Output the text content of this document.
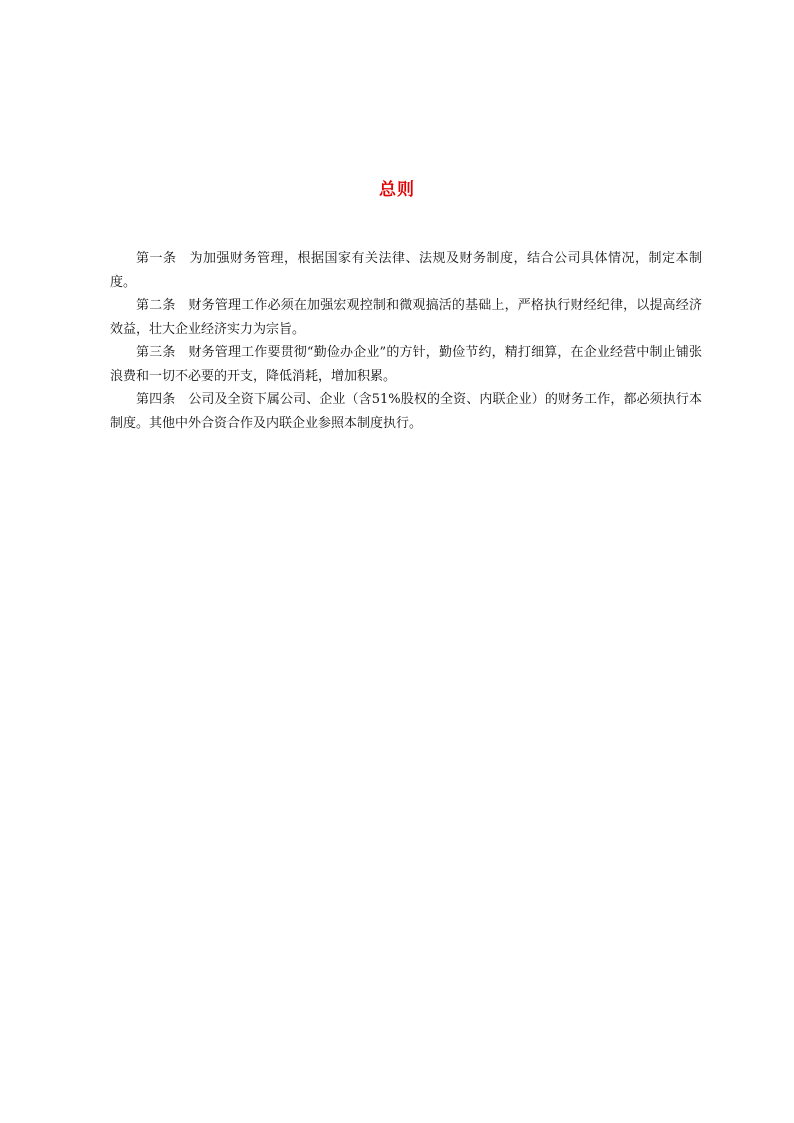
总则

第一条 为加强财务管理，根据国家有关法律、法规及财务制度，结合公司具体情况，制定本制度。

第二条 财务管理工作必须在加强宏观控制和微观搞活的基础上，严格执行财经纪律，以提高经济效益，壮大企业经济实力为宗旨。

第三条 财务管理工作要贯彻“勤俭办企业”的方针，勤俭节约，精打细算，在企业经营中制止铺张浪费和一切不必要的开支，降低消耗，增加积累。

第四条 公司及全资下属公司、企业（含51%股权的全资、内联企业）的财务工作，都必须执行本制度。其他中外合资合作及内联企业参照本制度执行。
